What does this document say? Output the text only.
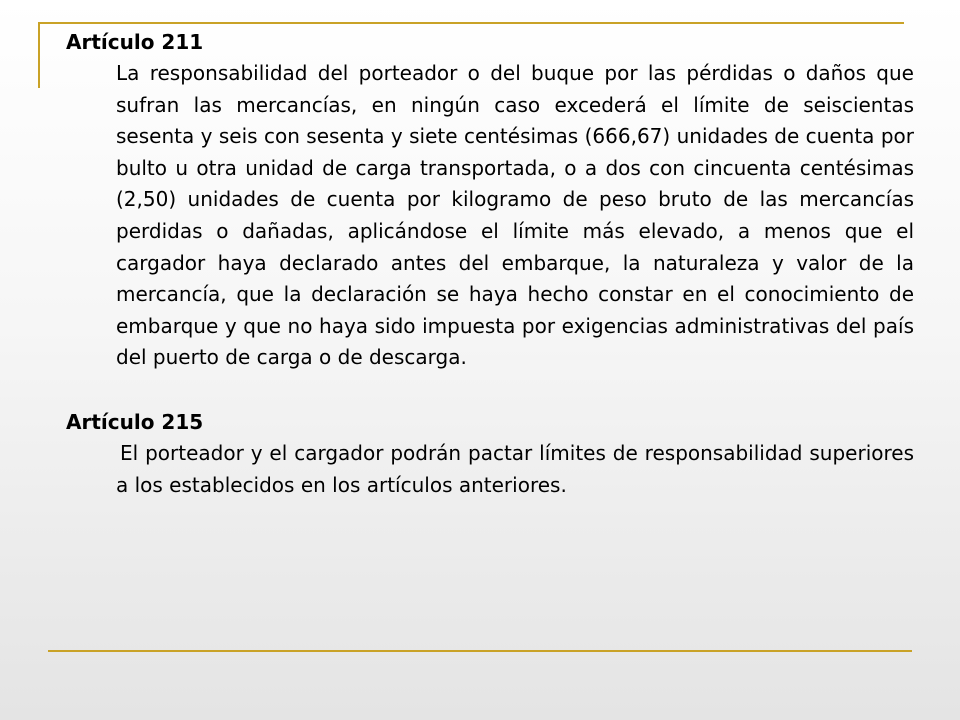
Artículo 211

La responsabilidad del porteador o del buque por las pérdidas o daños que sufran las mercancías, en ningún caso excederá el límite de seiscientas sesenta y seis con sesenta y siete centésimas (666,67) unidades de cuenta por bulto u otra unidad de carga transportada, o a dos con cincuenta centésimas (2,50) unidades de cuenta por kilogramo de peso bruto de las mercancías perdidas o dañadas, aplicándose el límite más elevado, a menos que el cargador haya declarado antes del embarque, la naturaleza y valor de la mercancía, que la declaración se haya hecho constar en el conocimiento de embarque y que no haya sido impuesta por exigencias administrativas del país del puerto de carga o de descarga.

Artículo 215

El porteador y el cargador podrán pactar límites de responsabilidad superiores a los establecidos en los artículos anteriores.
